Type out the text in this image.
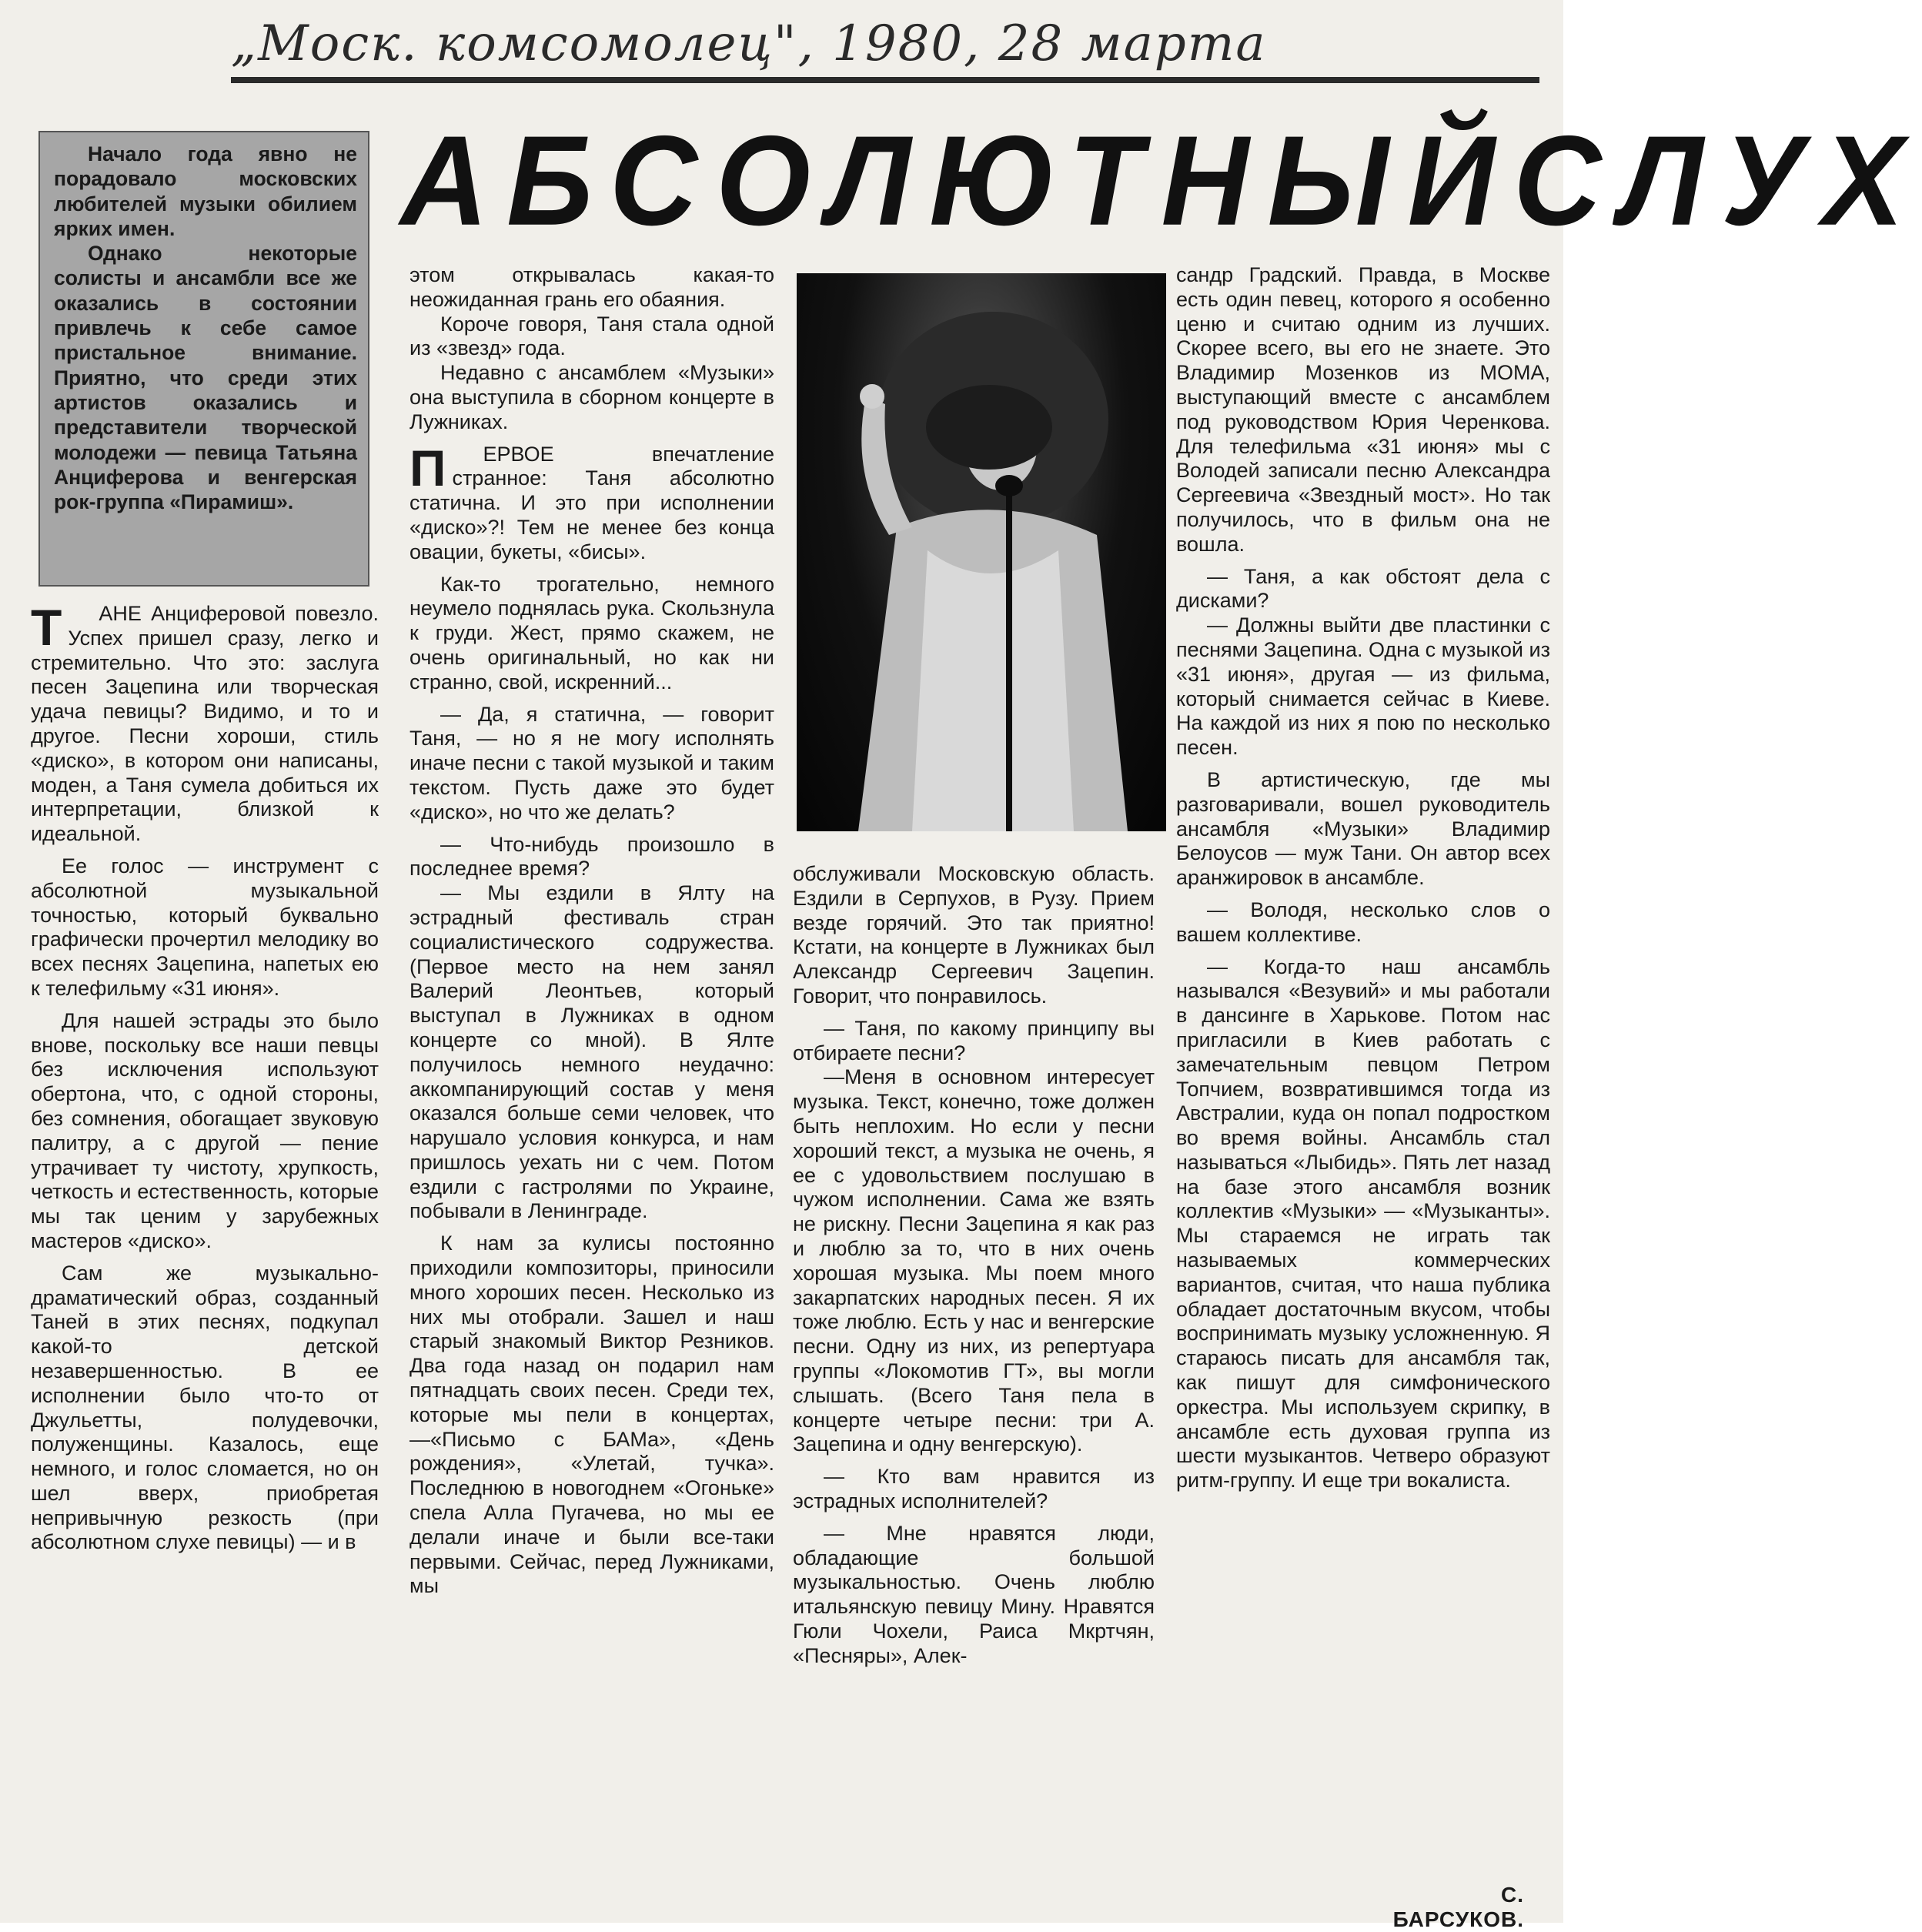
„Моск. комсомолец", 1980, 28 марта

Начало года явно не порадовало московских любителей музыки обилием ярких имен.

Однако некоторые солисты и ансамбли все же оказались в состоянии привлечь к себе самое пристальное внимание. Приятно, что среди этих артистов оказались и представители творческой молодежи — певица Татьяна Анциферова и венгерская рок-группа «Пирамиш».

АБСОЛЮТНЫЙ СЛУХ

Т АНЕ Анциферовой повезло. Успех пришел сразу, легко и стремительно. Что это: заслуга песен Зацепина или творческая удача певицы? Видимо, и то и другое. Песни хороши, стиль «диско», в котором они написаны, моден, а Таня сумела добиться их интерпретации, близкой к идеальной.

Ее голос — инструмент с абсолютной музыкальной точностью, который буквально графически прочертил мелодику во всех песнях Зацепина, напетых ею к телефильму «31 июня».

Для нашей эстрады это было внове, поскольку все наши певцы без исключения используют обертона, что, с одной стороны, без сомнения, обогащает звуковую палитру, а с другой — пение утрачивает ту чистоту, хрупкость, четкость и естественность, которые мы так ценим у зарубежных мастеров «диско».

Сам же музыкально-драматический образ, созданный Таней в этих песнях, подкупал какой-то детской незавершенностью. В ее исполнении было что-то от Джульетты, полудевочки, полуженщины. Казалось, еще немного, и голос сломается, но он шел вверх, приобретая непривычную резкость (при абсолютном слухе певицы) — и в

этом открывалась какая-то неожиданная грань его обаяния.

Короче говоря, Таня стала одной из «звезд» года.

Недавно с ансамблем «Музыки» она выступила в сборном концерте в Лужниках.

П ЕРВОЕ впечатление странное: Таня абсолютно статична. И это при исполнении «диско»?! Тем не менее без конца овации, букеты, «бисы».

Как-то трогательно, немного неумело поднялась рука. Скользнула к груди. Жест, прямо скажем, не очень оригинальный, но как ни странно, свой, искренний...

— Да, я статична, — говорит Таня, — но я не могу исполнять иначе песни с такой музыкой и таким текстом. Пусть даже это будет «диско», но что же делать?

— Что-нибудь произошло в последнее время?

— Мы ездили в Ялту на эстрадный фестиваль стран социалистического содружества. (Первое место на нем занял Валерий Леонтьев, который выступал в Лужниках в одном концерте со мной). В Ялте получилось немного неудачно: аккомпанирующий состав у меня оказался больше семи человек, что нарушало условия конкурса, и нам пришлось уехать ни с чем. Потом ездили с гастролями по Украине, побывали в Ленинграде.

К нам за кулисы постоянно приходили композиторы, приносили много хороших песен. Несколько из них мы отобрали. Зашел и наш старый знакомый Виктор Резников. Два года назад он подарил нам пятнадцать своих песен. Среди тех, которые мы пели в концертах,—«Письмо с БАМа», «День рождения», «Улетай, тучка». Последнюю в новогоднем «Огоньке» спела Алла Пугачева, но мы ее делали иначе и были все-таки первыми. Сейчас, перед Лужниками, мы

обслуживали Московскую область. Ездили в Серпухов, в Рузу. Прием везде горячий. Это так приятно! Кстати, на концерте в Лужниках был Александр Сергеевич Зацепин. Говорит, что понравилось.

— Таня, по какому принципу вы отбираете песни?

—Меня в основном интересует музыка. Текст, конечно, тоже должен быть неплохим. Но если у песни хороший текст, а музыка не очень, я ее с удовольствием послушаю в чужом исполнении. Сама же взять не рискну. Песни Зацепина я как раз и люблю за то, что в них очень хорошая музыка. Мы поем много закарпатских народных песен. Я их тоже люблю. Есть у нас и венгерские песни. Одну из них, из репертуара группы «Локомотив ГТ», вы могли слышать. (Всего Таня пела в концерте четыре песни: три А. Зацепина и одну венгерскую).

— Кто вам нравится из эстрадных исполнителей?

— Мне нравятся люди, обладающие большой музыкальностью. Очень люблю итальянскую певицу Мину. Нравятся Гюли Чохели, Раиса Мкртчян, «Песняры», Алек-

сандр Градский. Правда, в Москве есть один певец, которого я особенно ценю и считаю одним из лучших. Скорее всего, вы его не знаете. Это Владимир Мозенков из МОМА, выступающий вместе с ансамблем под руководством Юрия Черенкова. Для телефильма «31 июня» мы с Володей записали песню Александра Сергеевича «Звездный мост». Но так получилось, что в фильм она не вошла.

— Таня, а как обстоят дела с дисками?

— Должны выйти две пластинки с песнями Зацепина. Одна с музыкой из «31 июня», другая — из фильма, который снимается сейчас в Киеве. На каждой из них я пою по несколько песен.

В артистическую, где мы разговаривали, вошел руководитель ансамбля «Музыки» Владимир Белоусов — муж Тани. Он автор всех аранжировок в ансамбле.

— Володя, несколько слов о вашем коллективе.

— Когда-то наш ансамбль назывался «Везувий» и мы работали в дансинге в Харькове. Потом нас пригласили в Киев работать с замечательным певцом Петром Топчием, возвратившимся тогда из Австралии, куда он попал подростком во время войны. Ансамбль стал называться «Лыбидь». Пять лет назад на базе этого ансамбля возник коллектив «Музыки» — «Музыканты». Мы стараемся не играть так называемых коммерческих вариантов, считая, что наша публика обладает достаточным вкусом, чтобы воспринимать музыку усложненную. Я стараюсь писать для ансамбля так, как пишут для симфонического оркестра. Мы используем скрипку, в ансамбле есть духовая группа из шести музыкантов. Четверо образуют ритм-группу. И еще три вокалиста.

С. БАРСУКОВ.
